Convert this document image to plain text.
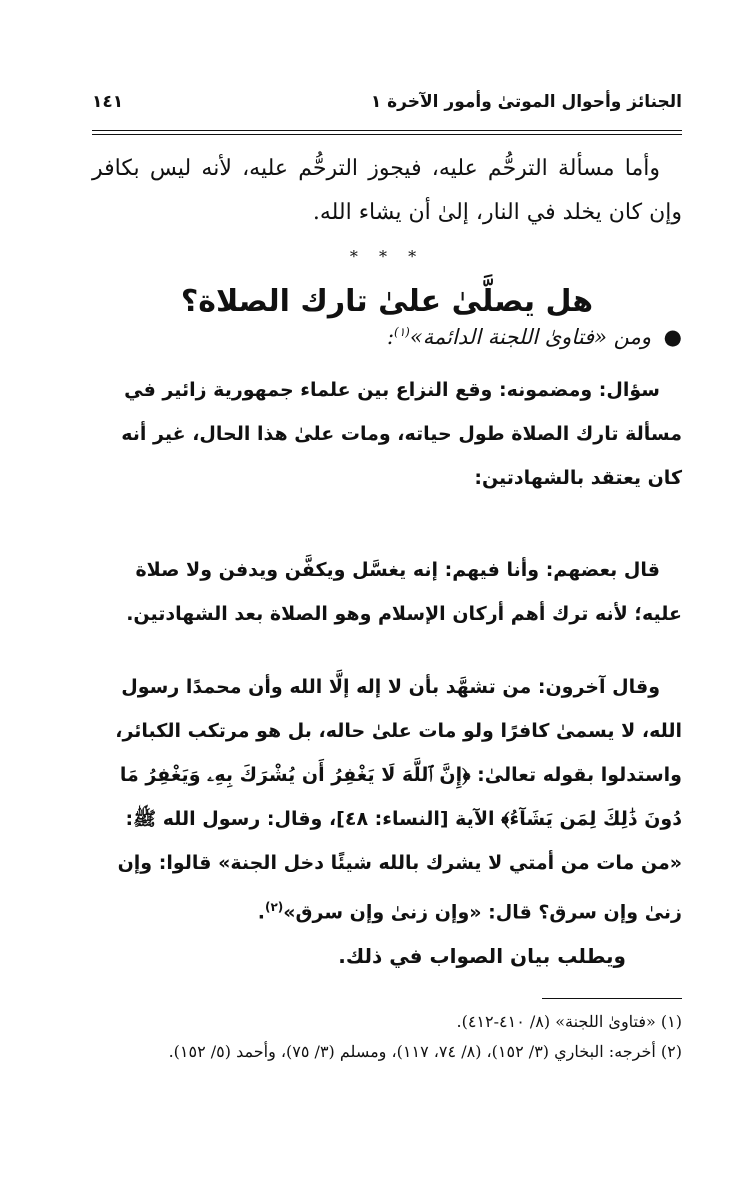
الجنائز وأحوال الموتىٰ وأمور الآخرة ١
١٤١

وأما مسألة الترحُّم عليه، فيجوز الترحُّم عليه، لأنه ليس بكافر وإن كان يخلد في النار، إلىٰ أن يشاء الله.

* * *
هل يصلَّىٰ علىٰ تارك الصلاة؟
● ومن «فتاوىٰ اللجنة الدائمة»$^{(١)}$:

سؤال: ومضمونه: وقع النزاع بين علماء جمهورية زائير في مسألة تارك الصلاة طول حياته، ومات علىٰ هذا الحال، غير أنه كان يعتقد بالشهادتين:

قال بعضهم: وأنا فيهم: إنه يغسَّل ويكفَّن ويدفن ولا صلاة عليه؛ لأنه ترك أهم أركان الإسلام وهو الصلاة بعد الشهادتين.

وقال آخرون: من تشهَّد بأن لا إله إلَّا الله وأن محمدًا رسول الله، لا يسمىٰ كافرًا ولو مات علىٰ حاله، بل هو مرتكب الكبائر، واستدلوا بقوله تعالىٰ: ﴿إِنَّ ٱللَّهَ لَا يَغْفِرُ أَن يُشْرَكَ بِهِۦ وَيَغْفِرُ مَا دُونَ ذَٰلِكَ لِمَن يَشَآءُ﴾ الآية [النساء: ٤٨]، وقال: رسول الله ﷺ: «من مات من أمتي لا يشرك بالله شيئًا دخل الجنة» قالوا: وإن زنىٰ وإن سرق؟ قال: «وإن زنىٰ وإن سرق»$^{(٢)}$.

ويطلب بيان الصواب في ذلك.

(١) «فتاوىٰ اللجنة» (٨/ ٤١٠-٤١٢).

(٢) أخرجه: البخاري (٣/ ١٥٢)، (٨/ ٧٤، ١١٧)، ومسلم (٣/ ٧٥)، وأحمد (٥/ ١٥٢).
